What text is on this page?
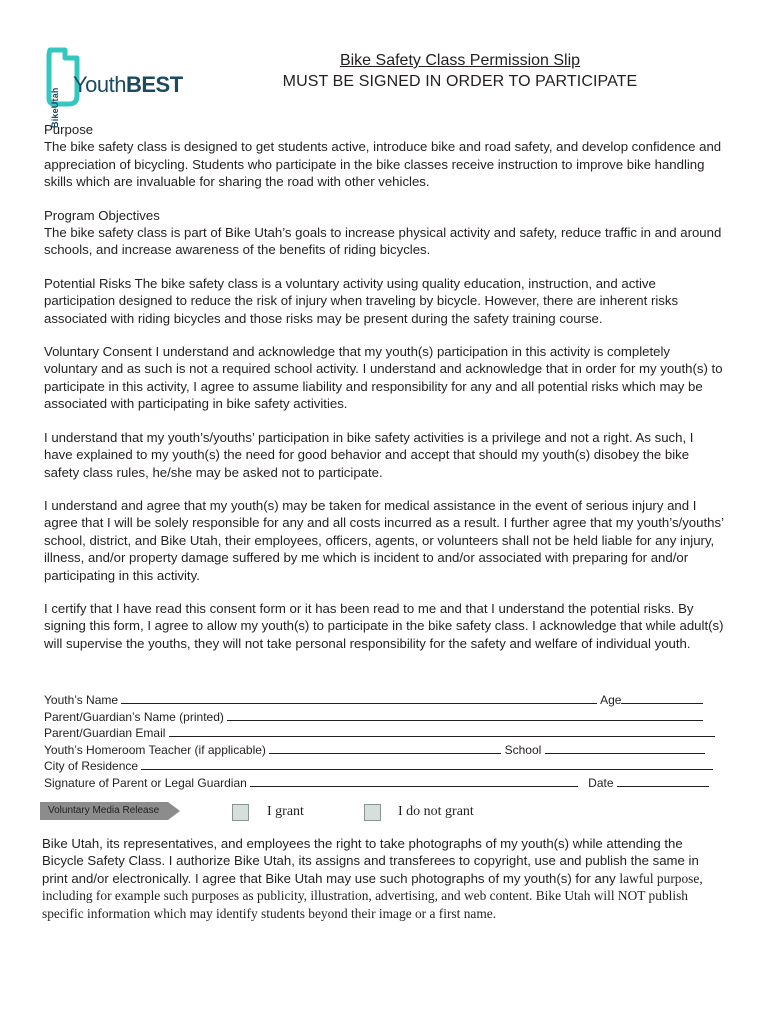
BikeUtah
YouthBEST
Bike Safety Class Permission Slip
MUST BE SIGNED IN ORDER TO PARTICIPATE
Purpose

The bike safety class is designed to get students active, introduce bike and road safety, and develop confidence and appreciation of bicycling. Students who participate in the bike classes receive instruction to improve bike handling skills which are invaluable for sharing the road with other vehicles.

Program Objectives

The bike safety class is part of Bike Utah’s goals to increase physical activity and safety, reduce traffic in and around schools, and increase awareness of the benefits of riding bicycles.

Potential Risks The bike safety class is a voluntary activity using quality education, instruction, and active participation designed to reduce the risk of injury when traveling by bicycle. However, there are inherent risks associated with riding bicycles and those risks may be present during the safety training course.

Voluntary Consent I understand and acknowledge that my youth(s) participation in this activity is completely voluntary and as such is not a required school activity. I understand and acknowledge that in order for my youth(s) to participate in this activity, I agree to assume liability and responsibility for any and all potential risks which may be associated with participating in bike safety activities.

I understand that my youth’s/youths’ participation in bike safety activities is a privilege and not a right. As such, I have explained to my youth(s) the need for good behavior and accept that should my youth(s) disobey the bike safety class rules, he/she may be asked not to participate.

I understand and agree that my youth(s) may be taken for medical assistance in the event of serious injury and I agree that I will be solely responsible for any and all costs incurred as a result. I further agree that my youth’s/youths’ school, district, and Bike Utah, their employees, officers, agents, or volunteers shall not be held liable for any injury, illness, and/or property damage suffered by me which is incident to and/or associated with preparing for and/or participating in this activity.

I certify that I have read this consent form or it has been read to me and that I understand the potential risks. By signing this form, I agree to allow my youth(s) to participate in the bike safety class. I acknowledge that while adult(s) will supervise the youths, they will not take personal responsibility for the safety and welfare of individual youth.

Youth’s Name	Age
Parent/Guardian’s Name (printed)
Parent/Guardian Email
Youth’s Homeroom Teacher (if applicable)	School
City of Residence
Signature of Parent or Legal Guardian	Date
Voluntary Media Release	I grant	I do not grant
Bike Utah, its representatives, and employees the right to take photographs of my youth(s) while attending the Bicycle Safety Class. I authorize Bike Utah, its assigns and transferees to copyright, use and publish the same in print and/or electronically. I agree that Bike Utah may use such photographs of my youth(s) for any lawful purpose, including for example such purposes as publicity, illustration, advertising, and web content. Bike Utah will NOT publish specific information which may identify students beyond their image or a first name.
